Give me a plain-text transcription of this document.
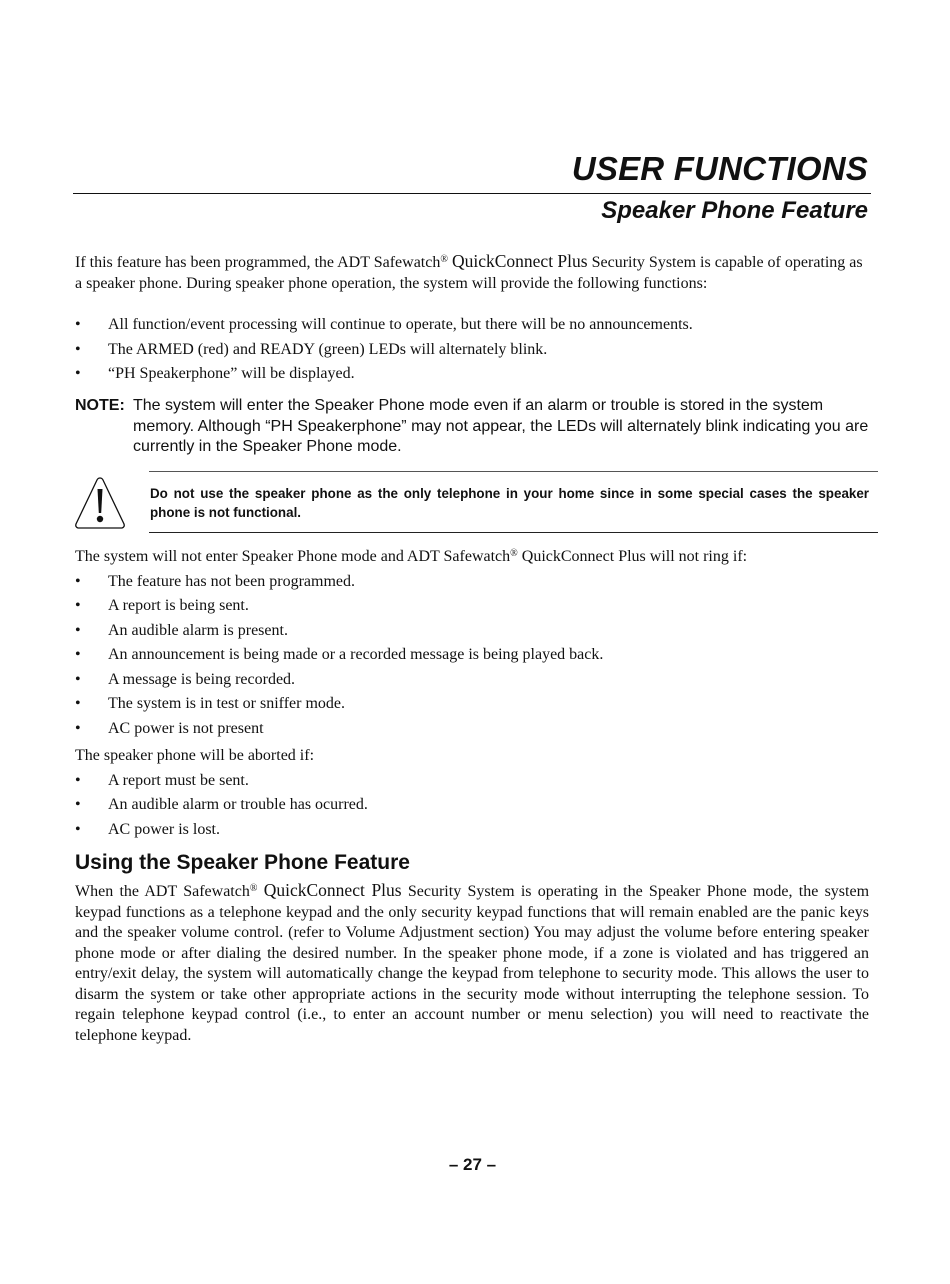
USER FUNCTIONS
Speaker Phone Feature

If this feature has been programmed, the ADT Safewatch® QuickConnect Plus Security System is capable of operating as a speaker phone. During speaker phone operation, the system will provide the following functions:

• All function/event processing will continue to operate, but there will be no announcements.
• The ARMED (red) and READY (green) LEDs will alternately blink.
• “PH Speakerphone” will be displayed.
NOTE: The system will enter the Speaker Phone mode even if an alarm or trouble is stored in the system memory. Although “PH Speakerphone” may not appear, the LEDs will alternately blink indicating you are currently in the Speaker Phone mode.

Do not use the speaker phone as the only telephone in your home since in some special cases the speaker phone is not functional.

The system will not enter Speaker Phone mode and ADT Safewatch® QuickConnect Plus will not ring if:

• The feature has not been programmed.
• A report is being sent.
• An audible alarm is present.
• An announcement is being made or a recorded message is being played back.
• A message is being recorded.
• The system is in test or sniffer mode.
• AC power is not present

The speaker phone will be aborted if:

• A report must be sent.
• An audible alarm or trouble has ocurred.
• AC power is lost.
Using the Speaker Phone Feature

When the ADT Safewatch® QuickConnect Plus Security System is operating in the Speaker Phone mode, the system keypad functions as a telephone keypad and the only security keypad functions that will remain enabled are the panic keys and the speaker volume control. (refer to Volume Adjustment section) You may adjust the volume before entering speaker phone mode or after dialing the desired number. In the speaker phone mode, if a zone is violated and has triggered an entry/exit delay, the system will automatically change the keypad from telephone to security mode. This allows the user to disarm the system or take other appropriate actions in the security mode without interrupting the telephone session. To regain telephone keypad control (i.e., to enter an account number or menu selection) you will need to reactivate the telephone keypad.

– 27 –
